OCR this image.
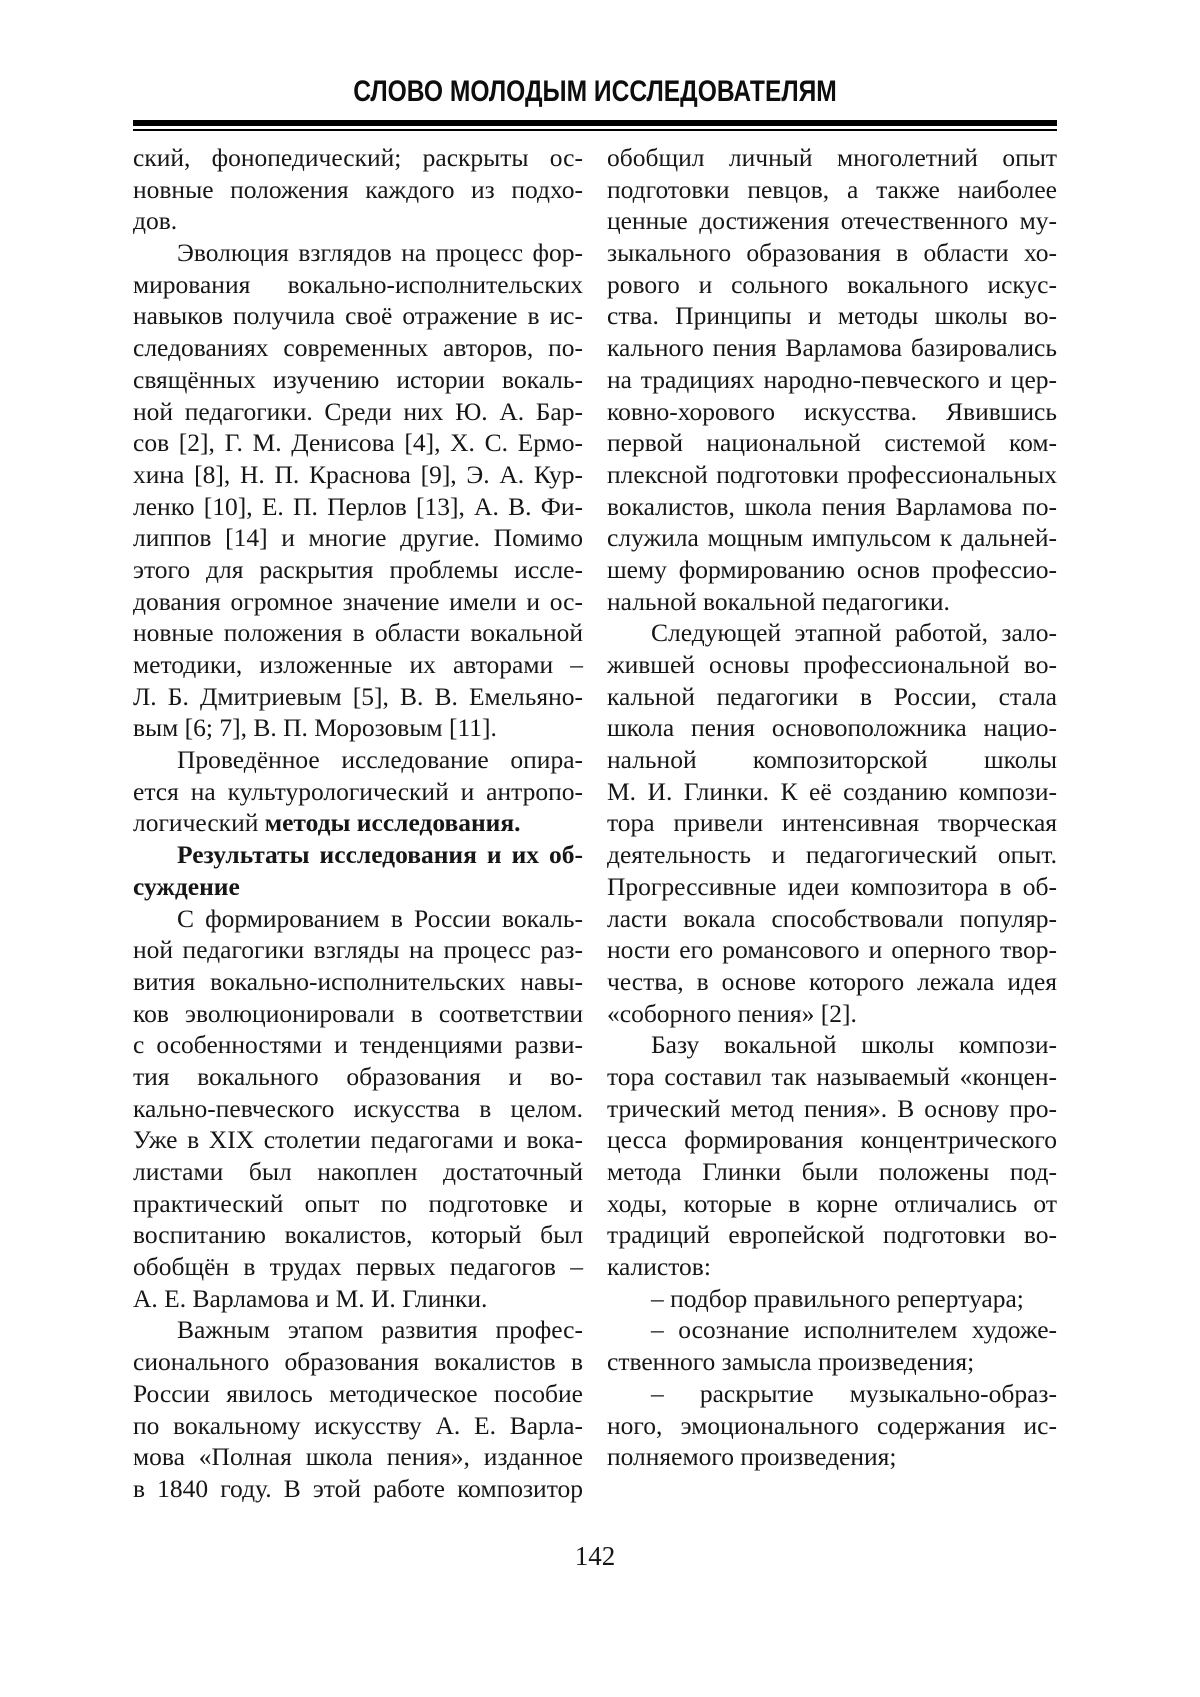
СЛОВО МОЛОДЫМ ИССЛЕДОВАТЕЛЯМ
ский, фонопедический; раскрыты ос-
новные положения каждого из подхо-
дов.
Эволюция взглядов на процесс фор-
мирования вокально-исполнительских
навыков получила своё отражение в ис-
следованиях современных авторов, по-
свящённых изучению истории вокаль-
ной педагогики. Среди них Ю. А. Бар-
сов [2], Г. М. Денисова [4], Х. С. Ермо-
хина [8], Н. П. Краснова [9], Э. А. Кур-
ленко [10], Е. П. Перлов [13], А. В. Фи-
липпов [14] и многие другие. Помимо
этого для раскрытия проблемы иссле-
дования огромное значение имели и ос-
новные положения в области вокальной
методики, изложенные их авторами –
Л. Б. Дмитриевым [5], В. В. Емельяно-
вым [6; 7], В. П. Морозовым [11].
Проведённое исследование опира-
ется на культурологический и антропо-
логический методы исследования.
Результаты исследования и их об-
суждение
С формированием в России вокаль-
ной педагогики взгляды на процесс раз-
вития вокально-исполнительских навы-
ков эволюционировали в соответствии
с особенностями и тенденциями разви-
тия вокального образования и во-
кально-певческого искусства в целом.
Уже в XIX столетии педагогами и вока-
листами был накоплен достаточный
практический опыт по подготовке и
воспитанию вокалистов, который был
обобщён в трудах первых педагогов –
А. Е. Варламова и М. И. Глинки.
Важным этапом развития профес-
сионального образования вокалистов в
России явилось методическое пособие
по вокальному искусству А. Е. Варла-
мова «Полная школа пения», изданное
в 1840 году. В этой работе композитор
обобщил личный многолетний опыт
подготовки певцов, а также наиболее
ценные достижения отечественного му-
зыкального образования в области хо-
рового и сольного вокального искус-
ства. Принципы и методы школы во-
кального пения Варламова базировались
на традициях народно-певческого и цер-
ковно-хорового искусства. Явившись
первой национальной системой ком-
плексной подготовки профессиональных
вокалистов, школа пения Варламова по-
служила мощным импульсом к дальней-
шему формированию основ профессио-
нальной вокальной педагогики.
Следующей этапной работой, зало-
жившей основы профессиональной во-
кальной педагогики в России, стала
школа пения основоположника нацио-
нальной композиторской школы
М. И. Глинки. К её созданию компози-
тора привели интенсивная творческая
деятельность и педагогический опыт.
Прогрессивные идеи композитора в об-
ласти вокала способствовали популяр-
ности его романсового и оперного твор-
чества, в основе которого лежала идея
«соборного пения» [2].
Базу вокальной школы компози-
тора составил так называемый «концен-
трический метод пения». В основу про-
цесса формирования концентрического
метода Глинки были положены под-
ходы, которые в корне отличались от
традиций европейской подготовки во-
калистов:
– подбор правильного репертуара;
– осознание исполнителем художе-
ственного замысла произведения;
– раскрытие музыкально-образ-
ного, эмоционального содержания ис-
полняемого произведения;
142
